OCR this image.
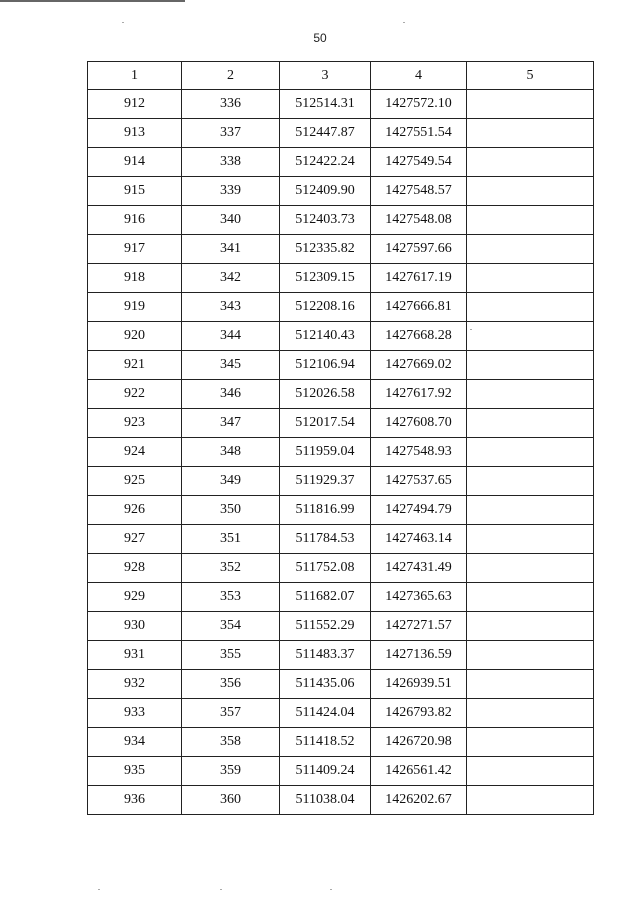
50
1	2	3	4	5
912	336	512514.31	1427572.10	
913	337	512447.87	1427551.54	
914	338	512422.24	1427549.54	
915	339	512409.90	1427548.57	
916	340	512403.73	1427548.08	
917	341	512335.82	1427597.66	
918	342	512309.15	1427617.19	
919	343	512208.16	1427666.81	
920	344	512140.43	1427668.28	
921	345	512106.94	1427669.02	
922	346	512026.58	1427617.92	
923	347	512017.54	1427608.70	
924	348	511959.04	1427548.93	
925	349	511929.37	1427537.65	
926	350	511816.99	1427494.79	
927	351	511784.53	1427463.14	
928	352	511752.08	1427431.49	
929	353	511682.07	1427365.63	
930	354	511552.29	1427271.57	
931	355	511483.37	1427136.59	
932	356	511435.06	1426939.51	
933	357	511424.04	1426793.82	
934	358	511418.52	1426720.98	
935	359	511409.24	1426561.42	
936	360	511038.04	1426202.67	
